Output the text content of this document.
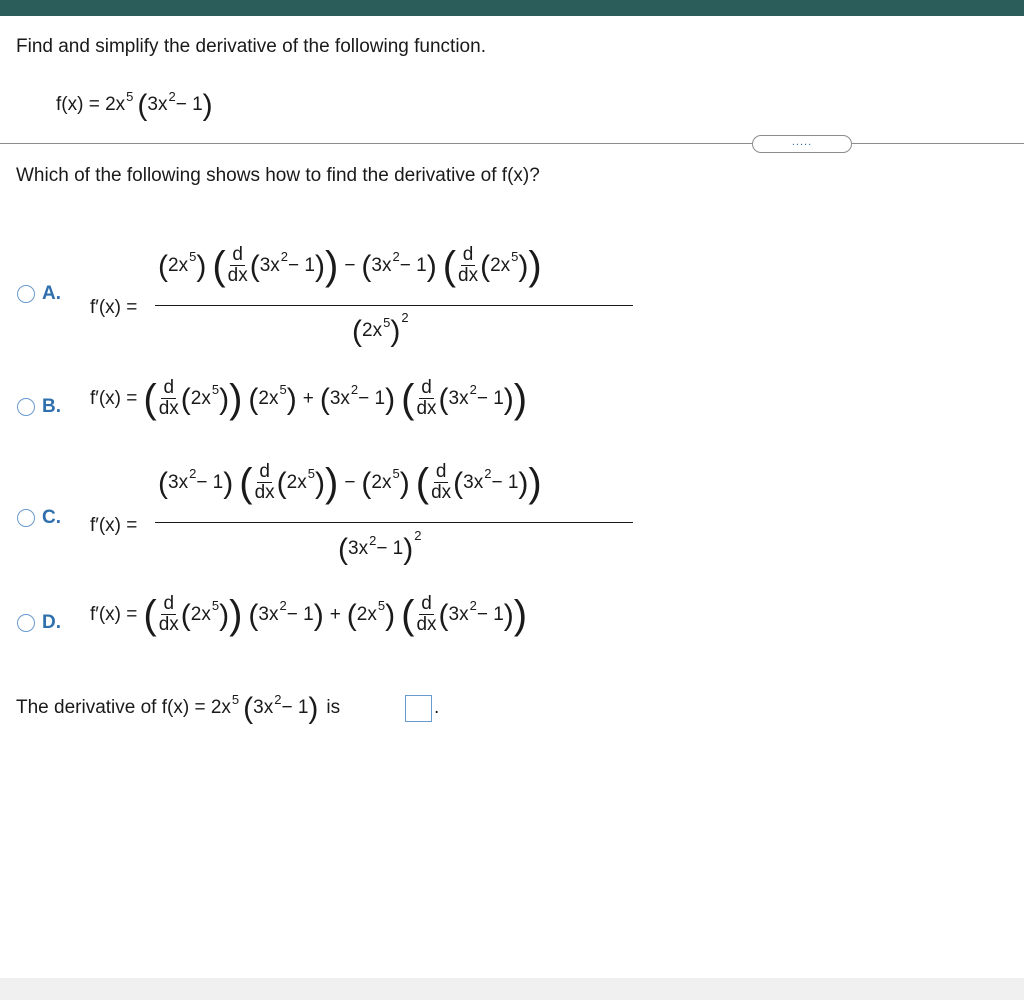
Find and simplify the derivative of the following function.
f(x) = 2x 5 ( 3x 2 − 1 )
.....
Which of the following shows how to find the derivative of f(x)?
A.
f′(x) =
( 2x 5 ) ( $\frac{d}{dx}$ ( 3x 2 − 1 ) ) − ( 3x 2 − 1 ) ( $\frac{d}{dx}$ ( 2x 5 ) )
( 2x 5 ) 2
B. f′(x) = ( $\frac{d}{dx}$ ( 2x 5 ) ) ( 2x 5 ) + ( 3x 2 − 1 ) ( $\frac{d}{dx}$ ( 3x 2 − 1 ) )
C. f′(x) =
( 3x 2 − 1 ) ( $\frac{d}{dx}$ ( 2x 5 ) ) − ( 2x 5 ) ( $\frac{d}{dx}$ ( 3x 2 − 1 ) )
( 3x 2 − 1 ) 2
D. f′(x) = ( $\frac{d}{dx}$ ( 2x 5 ) ) ( 3x 2 − 1 ) + ( 2x 5 ) ( $\frac{d}{dx}$ ( 3x 2 − 1 ) )
The derivative of f(x) = 2x 5 ( 3x 2 − 1 ) is	.
